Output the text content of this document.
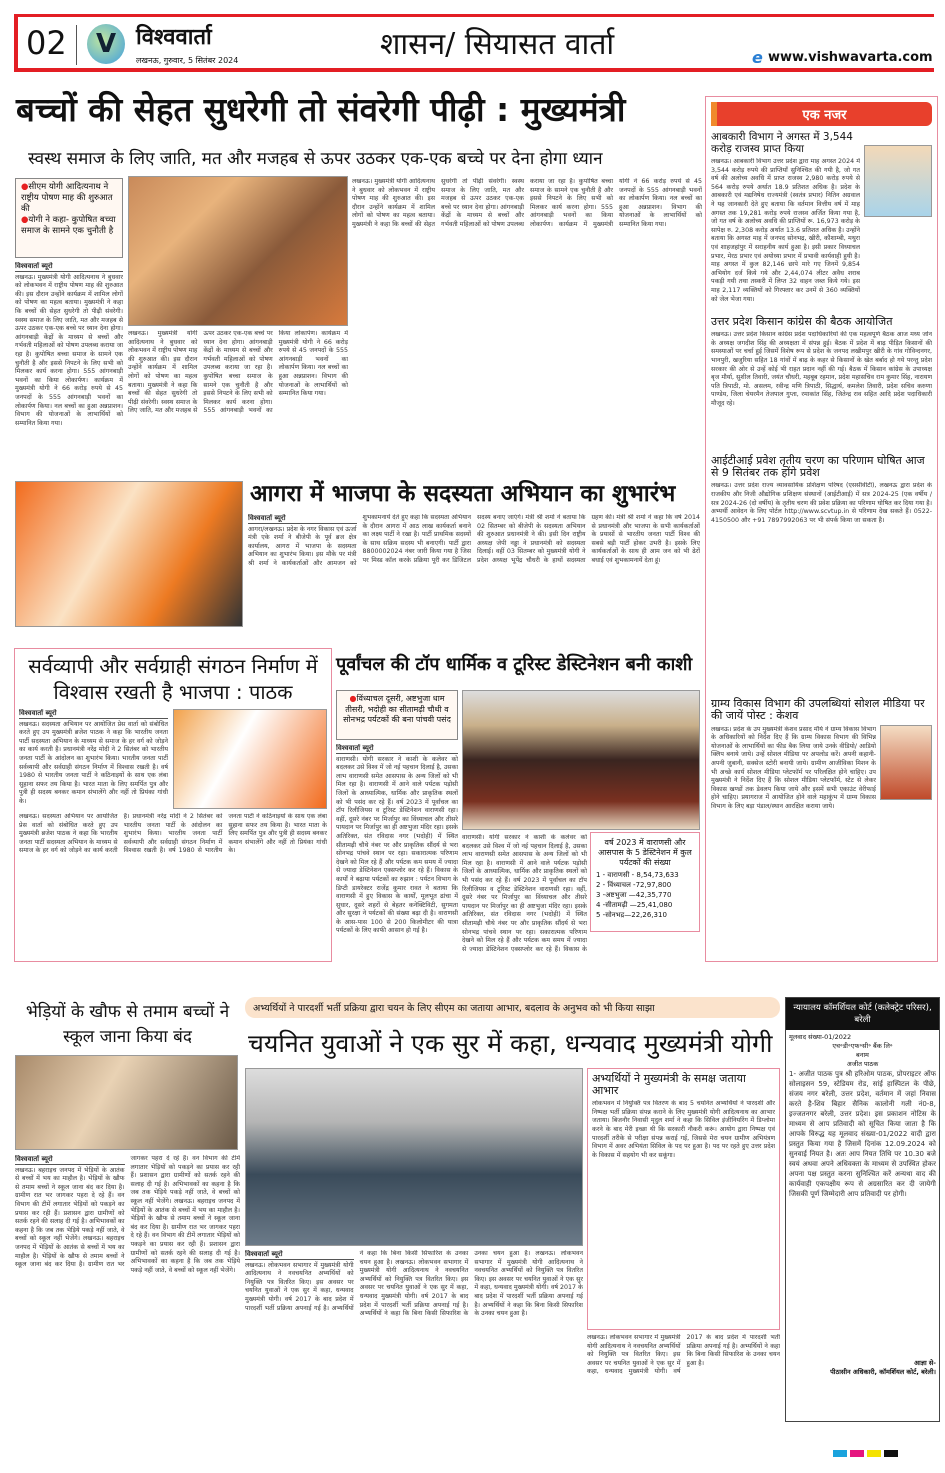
02	V विश्ववार्ता
लखनऊ, गुरुवार, 5 सितंबर 2024	शासन/ सियासत वार्ता	e www.vishwavarta.com
बच्चों की सेहत सुधरेगी तो संवरेगी पीढ़ी : मुख्यमंत्री
स्वस्थ समाज के लिए जाति, मत और मजहब से ऊपर उठकर एक-एक बच्चे पर देना होगा ध्यान
●सीएम योगी आदित्यनाथ ने राष्ट्रीय पोषण माह की शुरुआत की
●योगी ने कहा- कुपोषित बच्चा समाज के सामने एक चुनौती है
विश्ववार्ता ब्यूरो
लखनऊ। मुख्यमंत्री योगी आदित्यनाथ ने बुधवार को लोकभवन में राष्ट्रीय पोषण माह की शुरुआत की। इस दौरान उन्होंने कार्यक्रम में शामिल लोगों को पोषण का महत्व बताया। मुख्यमंत्री ने कहा कि बच्चों की सेहत सुधरेगी तो पीढ़ी संवरेगी। स्वस्थ समाज के लिए जाति, मत और मजहब से ऊपर उठकर एक-एक बच्चे पर ध्यान देना होगा। आंगनबाड़ी केंद्रों के माध्यम से बच्चों और गर्भवती महिलाओं को पोषण उपलब्ध कराया जा रहा है। कुपोषित बच्चा समाज के सामने एक चुनौती है और इससे निपटने के लिए सभी को मिलकर कार्य करना होगा। 555 आंगनबाड़ी भवनों का किया लोकार्पण। कार्यक्रम में मुख्यमंत्री योगी ने 66 करोड़ रुपये से 45 जनपदों के 555 आंगनबाड़ी भवनों का लोकार्पण किया। नल बच्चों का हुआ अन्नप्राशन। विभाग की योजनाओं के लाभार्थियों को सम्मानित किया गया।
लखनऊ। मुख्यमंत्री योगी आदित्यनाथ ने बुधवार को लोकभवन में राष्ट्रीय पोषण माह की शुरुआत की। इस दौरान उन्होंने कार्यक्रम में शामिल लोगों को पोषण का महत्व बताया। मुख्यमंत्री ने कहा कि बच्चों की सेहत सुधरेगी तो पीढ़ी संवरेगी। स्वस्थ समाज के लिए जाति, मत और मजहब से ऊपर उठकर एक-एक बच्चे पर ध्यान देना होगा। आंगनबाड़ी केंद्रों के माध्यम से बच्चों और गर्भवती महिलाओं को पोषण उपलब्ध कराया जा रहा है। कुपोषित बच्चा समाज के सामने एक चुनौती है और इससे निपटने के लिए सभी को मिलकर कार्य करना होगा। 555 आंगनबाड़ी भवनों का किया लोकार्पण। कार्यक्रम में मुख्यमंत्री योगी ने 66 करोड़ रुपये से 45 जनपदों के 555 आंगनबाड़ी भवनों का लोकार्पण किया। नल बच्चों का हुआ अन्नप्राशन। विभाग की योजनाओं के लाभार्थियों को सम्मानित किया गया।
लखनऊ। मुख्यमंत्री योगी आदित्यनाथ ने बुधवार को लोकभवन में राष्ट्रीय पोषण माह की शुरुआत की। इस दौरान उन्होंने कार्यक्रम में शामिल लोगों को पोषण का महत्व बताया। मुख्यमंत्री ने कहा कि बच्चों की सेहत सुधरेगी तो पीढ़ी संवरेगी। स्वस्थ समाज के लिए जाति, मत और मजहब से ऊपर उठकर एक-एक बच्चे पर ध्यान देना होगा। आंगनबाड़ी केंद्रों के माध्यम से बच्चों और गर्भवती महिलाओं को पोषण उपलब्ध कराया जा रहा है। कुपोषित बच्चा समाज के सामने एक चुनौती है और इससे निपटने के लिए सभी को मिलकर कार्य करना होगा। 555 आंगनबाड़ी भवनों का किया लोकार्पण। कार्यक्रम में मुख्यमंत्री योगी ने 66 करोड़ रुपये से 45 जनपदों के 555 आंगनबाड़ी भवनों का लोकार्पण किया। नल बच्चों का हुआ अन्नप्राशन। विभाग की योजनाओं के लाभार्थियों को सम्मानित किया गया।
एक नजर
आबकारी विभाग ने अगस्त में 3,544 करोड़ राजस्व प्राप्त किया
लखनऊ। आबकारी विभाग उत्तर प्रदेश द्वारा माह अगस्त 2024 में 3,544 करोड़ रुपये की प्राप्तियाँ सुनिश्चित की गयी है, जो गत वर्ष की अलोच्य अवधि में प्राप्त राजस्व 2,980 करोड़ रुपये से 564 करोड़ रुपये अर्थात 18.9 प्रतिशत अधिक है। प्रदेश के आबकारी एवं मद्यनिषेध राज्यमंत्री (स्वतंत्र प्रभार) नितिन अग्रवाल ने यह जानकारी देते हुए बताया कि वर्तमान वित्तीय वर्ष में माह अगस्त तक 19,281 करोड़ रुपये राजस्व अर्जित किया गया है, जो गत वर्ष के अलोच्य अवधि की प्राप्तियों रू. 16,973 करोड़ के सापेक्ष रु. 2,308 करोड़ अर्थात 13.6 प्रतिशत अधिक है। उन्होंने बताया कि अगस्त माह में जनपद सोनभद्र, खीरी, कौशाम्बी, मथुरा एवं शाहजहांपुर में सराहनीय कार्य हुआ है। इसी प्रकार विध्याचल प्रभार, मेरठ प्रभार एवं अयोध्या प्रभार में प्रभावी कार्यवाही हुयी है। माह अगस्त में कुल 82,146 छापे मारे गए जिनमें 9,854 अभियोग दर्ज किये गये और 2,44,074 लीटर अवैध शराब पकड़ी गयी तथा तस्करी में लिप्त 32 वाहन जब्त किये गये। इस माह 2,117 व्यक्तियों को गिरफ्तार कर उनमें से 360 व्यक्तियों को जेल भेजा गया।
उत्तर प्रदेश किसान कांग्रेस की बैठक आयोजित
लखनऊ। उत्तर प्रदेश किसान कांग्रेस प्रदेश पदाधिकारियों की एक महत्वपूर्ण बैठक आज मध्य जोन के अध्यक्ष जगदीश सिंह की अध्यक्षता में संपन्न हुई। बैठक में प्रदेश में बाढ़ पीड़ित किसानों की समस्याओं पर चर्चा हुई जिसमें विशेष रूप से प्रदेश के जनपद लखीमपुर खीरी के गांव गोविन्दनगर, भानपुरी, खजुरिया सहित 18 गांवों में बाढ़ के कहर से किसानों के खेत बर्बाद हो गये परन्तु प्रदेश सरकार की ओर से उन्हें कोई भी राहत प्रदान नहीं की गई। बैठक में किसान कांग्रेस के उपाध्यक्ष बृज मौर्या, सुशील तिवारी, जयंत चौधरी, महबूब रहमान, प्रदेश महासचिव राम कुमार सिंह, नारायण पति त्रिपाठी, मो. असलम, रवीन्द्र मणि त्रिपाठी, सिद्धार्थ, कमलेश तिवारी, प्रदेश सचिव करुणा पाण्डेय, जिला चेयरमैन तेजपाल गुप्ता, रमाकांत सिंह, जितेन्द्र राव सहित आदि प्रदेश पदाधिकारी मौजूद रहे।
आईटीआई प्रवेश तृतीय चरण का परिणाम घोषित आज से 9 सितंबर तक होंगे प्रवेश
लखनऊ। उत्तर प्रदेश राज्य व्यावसायिक प्रशिक्षण परिषद (एससीवीटी), लखनऊ द्वारा प्रदेश के राजकीय और निजी औद्योगिक प्रशिक्षण संस्थानों (आईटीआई) में सत्र 2024-25 (एक वर्षीय / सत्र 2024-26 (दो वर्षीय) के तृतीय चरण की प्रवेश प्रक्रिया का परिणाम घोषित कर दिया गया है। अभ्यर्थी आवेदन के लिए पोर्टल http://www.scvtup.in से परिणाम देख सकते हैं। 0522-4150500 और +91 7897992063 पर भी संपर्क किया जा सकता है।
ग्राम्य विकास विभाग की उपलब्धियां सोशल मीडिया पर की जायें पोस्ट : केशव
लखनऊ। प्रदेश के उप मुख्यमंत्री केशव प्रसाद मौर्य ने ग्राम्य विकास विभाग के अधिकारियों को निर्देश दिए हैं कि ग्राम्य विकास विभाग की विभिन्न योजनाओं के लाभार्थियों का फीड बैक लिया जाये उनके वीडियो/ आडियो क्लिप बनाये जाये। उन्हें सोशल मीडिया पर अपलोड करें। अपनी कहानी-अपनी जुबानी, सक्सेज स्टोरी बनायी जाये। ग्रामीण आजीविका मिशन के भी अच्छे कार्य सोशल मीडिया प्लेटफॉर्म पर परिलक्षित होने चाहिए। उप मुख्यमंत्री ने निर्देश दिए हैं कि सोशल मीडिया प्लेटफॉर्म, स्टेट से लेकर विकास खण्डों तक डेवलप किया जाये और इसमें सभी एकाउंट वेरीफाई होने चाहिए। प्रयागराज में आयोजित होने वाले महाकुंभ में ग्राम्य विकास विभाग के लिए बड़ा पंडाल/स्थान आरक्षित कराया जाये।
आगरा में भाजपा के सदस्यता अभियान का शुभारंभ
विश्ववार्ता ब्यूरो
आगरा/लखनऊ। प्रदेश के नगर विकास एवं ऊर्जा मंत्री एके शर्मा ने बीजेपी के पूर्व ब्रज क्षेत्र कार्यालय, आगरा में भाजपा के सदस्यता अभियान का शुभारंभ किया। इस मौके पर मंत्री श्री शर्मा ने कार्यकर्ताओं और आमजन को शुभकामनायें देते हुए कहा कि सदस्यता अभियान के दौरान आगरा में आठ लाख कार्यकर्ता बनाने का लक्ष्य पार्टी ने रखा है। पार्टी प्राथमिक सदस्यों के साथ सक्रिय सदस्य भी बनाएगी। पार्टी द्वारा 8800002024 नंबर जारी किया गया है जिस पर मिस्ड कॉल करके प्रक्रिया पूरी कर डिजिटल सदस्य बनाए जाएंगे। मंत्री श्री शर्मा ने बताया कि 02 सितम्बर को बीजेपी के सदस्यता अभियान की शुरुआत प्रधानमंत्री ने की। इसी दिन राष्ट्रीय अध्यक्ष जेपी नड्डा ने प्रधानमंत्री को सदस्यता दिलाई। वहीं 03 सितम्बर को मुख्यमंत्री योगी ने प्रदेश अध्यक्ष भूपेंद्र चौधरी के हाथों सदस्यता ग्रहण की। मंत्री श्री शर्मा ने कहा कि वर्ष 2014 से प्रधानमंत्री और भाजपा के सभी कार्यकर्ताओं के प्रयासों से भारतीय जनता पार्टी विश्व की सबसे बड़ी पार्टी होकर उभरी है। इसके लिए कार्यकर्ताओं के साथ ही आम जन को भी ढेरों बधाई एवं शुभकामनायें देता हूं।
सर्वव्यापी और सर्वग्राही संगठन निर्माण में विश्वास रखती है भाजपा : पाठक
विश्ववार्ता ब्यूरो
लखनऊ। सदस्यता अभियान पर आयोजित प्रेस वार्ता को संबोधित करते हुए उप मुख्यमंत्री ब्रजेश पाठक ने कहा कि भारतीय जनता पार्टी सदस्यता अभियान के माध्यम से समाज के हर वर्ग को जोड़ने का कार्य करती है। प्रधानमंत्री नरेंद्र मोदी ने 2 सितंबर को भारतीय जनता पार्टी के आंदोलन का शुभारंभ किया। भारतीय जनता पार्टी सर्वव्यापी और सर्वग्राही संगठन निर्माण में विश्वास रखती है। वर्ष 1980 से भारतीय जनता पार्टी ने कठिनाइयों के साथ एक लंबा सुहाना सफर तय किया है। भारत माता के लिए समर्पित पुत्र और पुत्री ही सदस्य बनकर कमान संभालेंगे और नहीं तो प्रियंका गांधी के।
लखनऊ। सदस्यता अभियान पर आयोजित प्रेस वार्ता को संबोधित करते हुए उप मुख्यमंत्री ब्रजेश पाठक ने कहा कि भारतीय जनता पार्टी सदस्यता अभियान के माध्यम से समाज के हर वर्ग को जोड़ने का कार्य करती है। प्रधानमंत्री नरेंद्र मोदी ने 2 सितंबर को भारतीय जनता पार्टी के आंदोलन का शुभारंभ किया। भारतीय जनता पार्टी सर्वव्यापी और सर्वग्राही संगठन निर्माण में विश्वास रखती है। वर्ष 1980 से भारतीय जनता पार्टी ने कठिनाइयों के साथ एक लंबा सुहाना सफर तय किया है। भारत माता के लिए समर्पित पुत्र और पुत्री ही सदस्य बनकर कमान संभालेंगे और नहीं तो प्रियंका गांधी के।
पूर्वांचल की टॉप धार्मिक व टूरिस्ट डेस्टिनेशन बनी काशी
●विंध्याचल दूसरी, अष्टभुजा धाम तीसरी, भदोही का सीतामढ़ी चौथी व सोनभद्र पर्यटकों की बना पांचवी पसंद
विश्ववार्ता ब्यूरो
वाराणसी। योगी सरकार ने काशी के कलेवर को बदलकर उसे विश्व में जो नई पहचान दिलाई है, उसका लाभ वाराणसी समेत आसपास के अन्य जिलों को भी मिल रहा है। वाराणसी में आने वाले पर्यटक पड़ोसी जिलों के आध्यात्मिक, धार्मिक और प्राकृतिक स्थलों को भी पसंद कर रहे हैं। वर्ष 2023 में पूर्वांचल का टॉप रिलीजियस व टूरिस्ट डेस्टिनेशन वाराणसी रहा। वहीं, दूसरे नंबर पर मिर्जापुर का विंध्याचल और तीसरे पायदान पर मिर्जापुर का ही अष्टभुजा मंदिर रहा। इसके अतिरिक्त, संत रविदास नगर (भदोही) में स्थित सीतामढ़ी चौथे नंबर पर और प्राकृतिक सौंदर्य से भरा सोनभद्र पांचवे स्थान पर रहा। सकारात्मक परिणाम देखने को मिल रहे हैं और पर्यटक कम समय में ज्यादा से ज्यादा डेस्टिनेशन एक्सप्लोर कर रहे हैं। विकास के कार्यों ने बढ़ाया पर्यटकों का रुझान : पर्यटन विभाग के डिप्टी डायरेक्टर राजेंद्र कुमार रावत ने बताया कि वाराणसी में हुए विकास के कार्यों, मूलभूत ढांचा में सुधार, दूसरे शहरों से बेहतर कनेक्टिविटी, सुगमता और सुरक्षा ने पर्यटकों की संख्या बढ़ा दी है। वाराणसी के आस-पास 100 से 200 किलोमीटर की यात्रा पर्यटकों के लिए काफी आसान हो गई है।
वाराणसी। योगी सरकार ने काशी के कलेवर को बदलकर उसे विश्व में जो नई पहचान दिलाई है, उसका लाभ वाराणसी समेत आसपास के अन्य जिलों को भी मिल रहा है। वाराणसी में आने वाले पर्यटक पड़ोसी जिलों के आध्यात्मिक, धार्मिक और प्राकृतिक स्थलों को भी पसंद कर रहे हैं। वर्ष 2023 में पूर्वांचल का टॉप रिलीजियस व टूरिस्ट डेस्टिनेशन वाराणसी रहा। वहीं, दूसरे नंबर पर मिर्जापुर का विंध्याचल और तीसरे पायदान पर मिर्जापुर का ही अष्टभुजा मंदिर रहा। इसके अतिरिक्त, संत रविदास नगर (भदोही) में स्थित सीतामढ़ी चौथे नंबर पर और प्राकृतिक सौंदर्य से भरा सोनभद्र पांचवे स्थान पर रहा। सकारात्मक परिणाम देखने को मिल रहे हैं और पर्यटक कम समय में ज्यादा से ज्यादा डेस्टिनेशन एक्सप्लोर कर रहे हैं। विकास के
वर्ष 2023 में वाराणसी और आसपास के 5 डेस्टिनेशन में कुल पर्यटकों की संख्या
1 - वाराणसी - 8,54,73,633
2 - विंध्याचल -72,97,800
3 -अष्टभुजा —42,35,770
4 -सीतामढ़ी —25,41,080
5 -सोनभद्र—22,26,310
भेड़ियों के खौफ से तमाम बच्चों ने स्कूल जाना किया बंद
विश्ववार्ता ब्यूरो
लखनऊ। बहराइच जनपद में भेड़ियों के आतंक से बच्चों में भय का माहौल है। भेड़ियों के खौफ से तमाम बच्चों ने स्कूल जाना बंद कर दिया है। ग्रामीण रात भर जागकर पहरा दे रहे हैं। वन विभाग की टीमें लगातार भेड़ियों को पकड़ने का प्रयास कर रही हैं। प्रशासन द्वारा ग्रामीणों को सतर्क रहने की सलाह दी गई है। अभिभावकों का कहना है कि जब तक भेड़िये पकड़े नहीं जाते, वे बच्चों को स्कूल नहीं भेजेंगे। लखनऊ। बहराइच जनपद में भेड़ियों के आतंक से बच्चों में भय का माहौल है। भेड़ियों के खौफ से तमाम बच्चों ने स्कूल जाना बंद कर दिया है। ग्रामीण रात भर जागकर पहरा दे रहे हैं। वन विभाग की टीमें लगातार भेड़ियों को पकड़ने का प्रयास कर रही हैं। प्रशासन द्वारा ग्रामीणों को सतर्क रहने की सलाह दी गई है। अभिभावकों का कहना है कि जब तक भेड़िये पकड़े नहीं जाते, वे बच्चों को स्कूल नहीं भेजेंगे। लखनऊ। बहराइच जनपद में भेड़ियों के आतंक से बच्चों में भय का माहौल है। भेड़ियों के खौफ से तमाम बच्चों ने स्कूल जाना बंद कर दिया है। ग्रामीण रात भर जागकर पहरा दे रहे हैं। वन विभाग की टीमें लगातार भेड़ियों को पकड़ने का प्रयास कर रही हैं। प्रशासन द्वारा ग्रामीणों को सतर्क रहने की सलाह दी गई है। अभिभावकों का कहना है कि जब तक भेड़िये पकड़े नहीं जाते, वे बच्चों को स्कूल नहीं भेजेंगे।
अभ्यर्थियों ने पारदर्शी भर्ती प्रक्रिया द्वारा चयन के लिए सीएम का जताया आभार, बदलाव के अनुभव को भी किया साझा
चयनित युवाओं ने एक सुर में कहा, धन्यवाद मुख्यमंत्री योगी
अभ्यर्थियों ने मुख्यमंत्री के समक्ष जताया आभार
लोकभवन में नियुक्ति पत्र वितरण के बाद 5 चयनित अभ्यर्थियों ने पारदर्शी और निष्पक्ष भर्ती प्रक्रिया संपन्न कराने के लिए मुख्यमंत्री योगी आदित्यनाथ का आभार जताया। बिजनौर निवासी मृदुल शर्मा ने कहा कि सिविल इंजीनियरिंग में डिप्लोमा करने के बाद मेरी इच्छा थी कि सरकारी नौकरी करूं। आयोग द्वारा निष्पक्ष एवं पारदर्शी तरीके से परीक्षा संपन्न कराई गई, जिससे मेरा चयन ग्रामीण अभियंत्रण विभाग में अवर अभियंता सिविल के पद पर हुआ है। पद पर रहते हुए उत्तर प्रदेश के विकास में सहयोग भी कर सकूंगा।
विश्ववार्ता ब्यूरो
लखनऊ। लोकभवन सभागार में मुख्यमंत्री योगी आदित्यनाथ ने नवचयनित अभ्यर्थियों को नियुक्ति पत्र वितरित किए। इस अवसर पर चयनित युवाओं ने एक सुर में कहा, धन्यवाद मुख्यमंत्री योगी। वर्ष 2017 के बाद प्रदेश में पारदर्शी भर्ती प्रक्रिया अपनाई गई है। अभ्यर्थियों ने कहा कि बिना किसी सिफारिश के उनका चयन हुआ है। लखनऊ। लोकभवन सभागार में मुख्यमंत्री योगी आदित्यनाथ ने नवचयनित अभ्यर्थियों को नियुक्ति पत्र वितरित किए। इस अवसर पर चयनित युवाओं ने एक सुर में कहा, धन्यवाद मुख्यमंत्री योगी। वर्ष 2017 के बाद प्रदेश में पारदर्शी भर्ती प्रक्रिया अपनाई गई है। अभ्यर्थियों ने कहा कि बिना किसी सिफारिश के उनका चयन हुआ है। लखनऊ। लोकभवन सभागार में मुख्यमंत्री योगी आदित्यनाथ ने नवचयनित अभ्यर्थियों को नियुक्ति पत्र वितरित किए। इस अवसर पर चयनित युवाओं ने एक सुर में कहा, धन्यवाद मुख्यमंत्री योगी। वर्ष 2017 के बाद प्रदेश में पारदर्शी भर्ती प्रक्रिया अपनाई गई है। अभ्यर्थियों ने कहा कि बिना किसी सिफारिश के उनका चयन हुआ है।
लखनऊ। लोकभवन सभागार में मुख्यमंत्री योगी आदित्यनाथ ने नवचयनित अभ्यर्थियों को नियुक्ति पत्र वितरित किए। इस अवसर पर चयनित युवाओं ने एक सुर में कहा, धन्यवाद मुख्यमंत्री योगी। वर्ष 2017 के बाद प्रदेश में पारदर्शी भर्ती प्रक्रिया अपनाई गई है। अभ्यर्थियों ने कहा कि बिना किसी सिफारिश के उनका चयन हुआ है।
न्यायालय कॉमर्शियल कोर्ट (कलेक्ट्रेट परिसर), बरेली
मूलवाद संख्या-01/2022
एच॰डी॰एफ॰सी॰ बैंक लि॰
बनाम
अजीत पाठक
1- अजीत पाठक पुत्र श्री हरिओम पाठक, प्रोपराइटर ऑफ सोलाइसन 59, स्टेडियम रोड, सांई हास्पिटल के पीछे, संजय नगर बरेली, उत्तर प्रदेश, वर्तमान में जहां निवास करते है-शिव बिहार सैनिक कालोनी गली नं0-8, इज्जतनगर बरेली, उत्तर प्रदेश। इस प्रकाशन नोटिस के माध्यम से आप प्रतिवादी को सूचित किया जाता है कि आपके विरुद्ध यह मूलवाद संख्या-01/2022 वादी द्वारा प्रस्तुत किया गया है जिसमें दिनांक 12.09.2024 को सुनवाई नियत है। अतः आप नियत तिथि पर 10.30 बजे स्वयं अथवा अपने अधिवक्ता के माध्यम से उपस्थित होकर अपना पक्ष प्रस्तुत करना सुनिश्चित करें अन्यथा वाद की कार्यवाही एकपक्षीय रूप से अग्रसारित कर दी जायेगी जिसकी पूर्ण जिम्मेदारी आप प्रतिवादी पर होगी।
आज्ञा से-
पीठासीन अधिकारी, कॉमर्शियल कोर्ट, बरेली।
